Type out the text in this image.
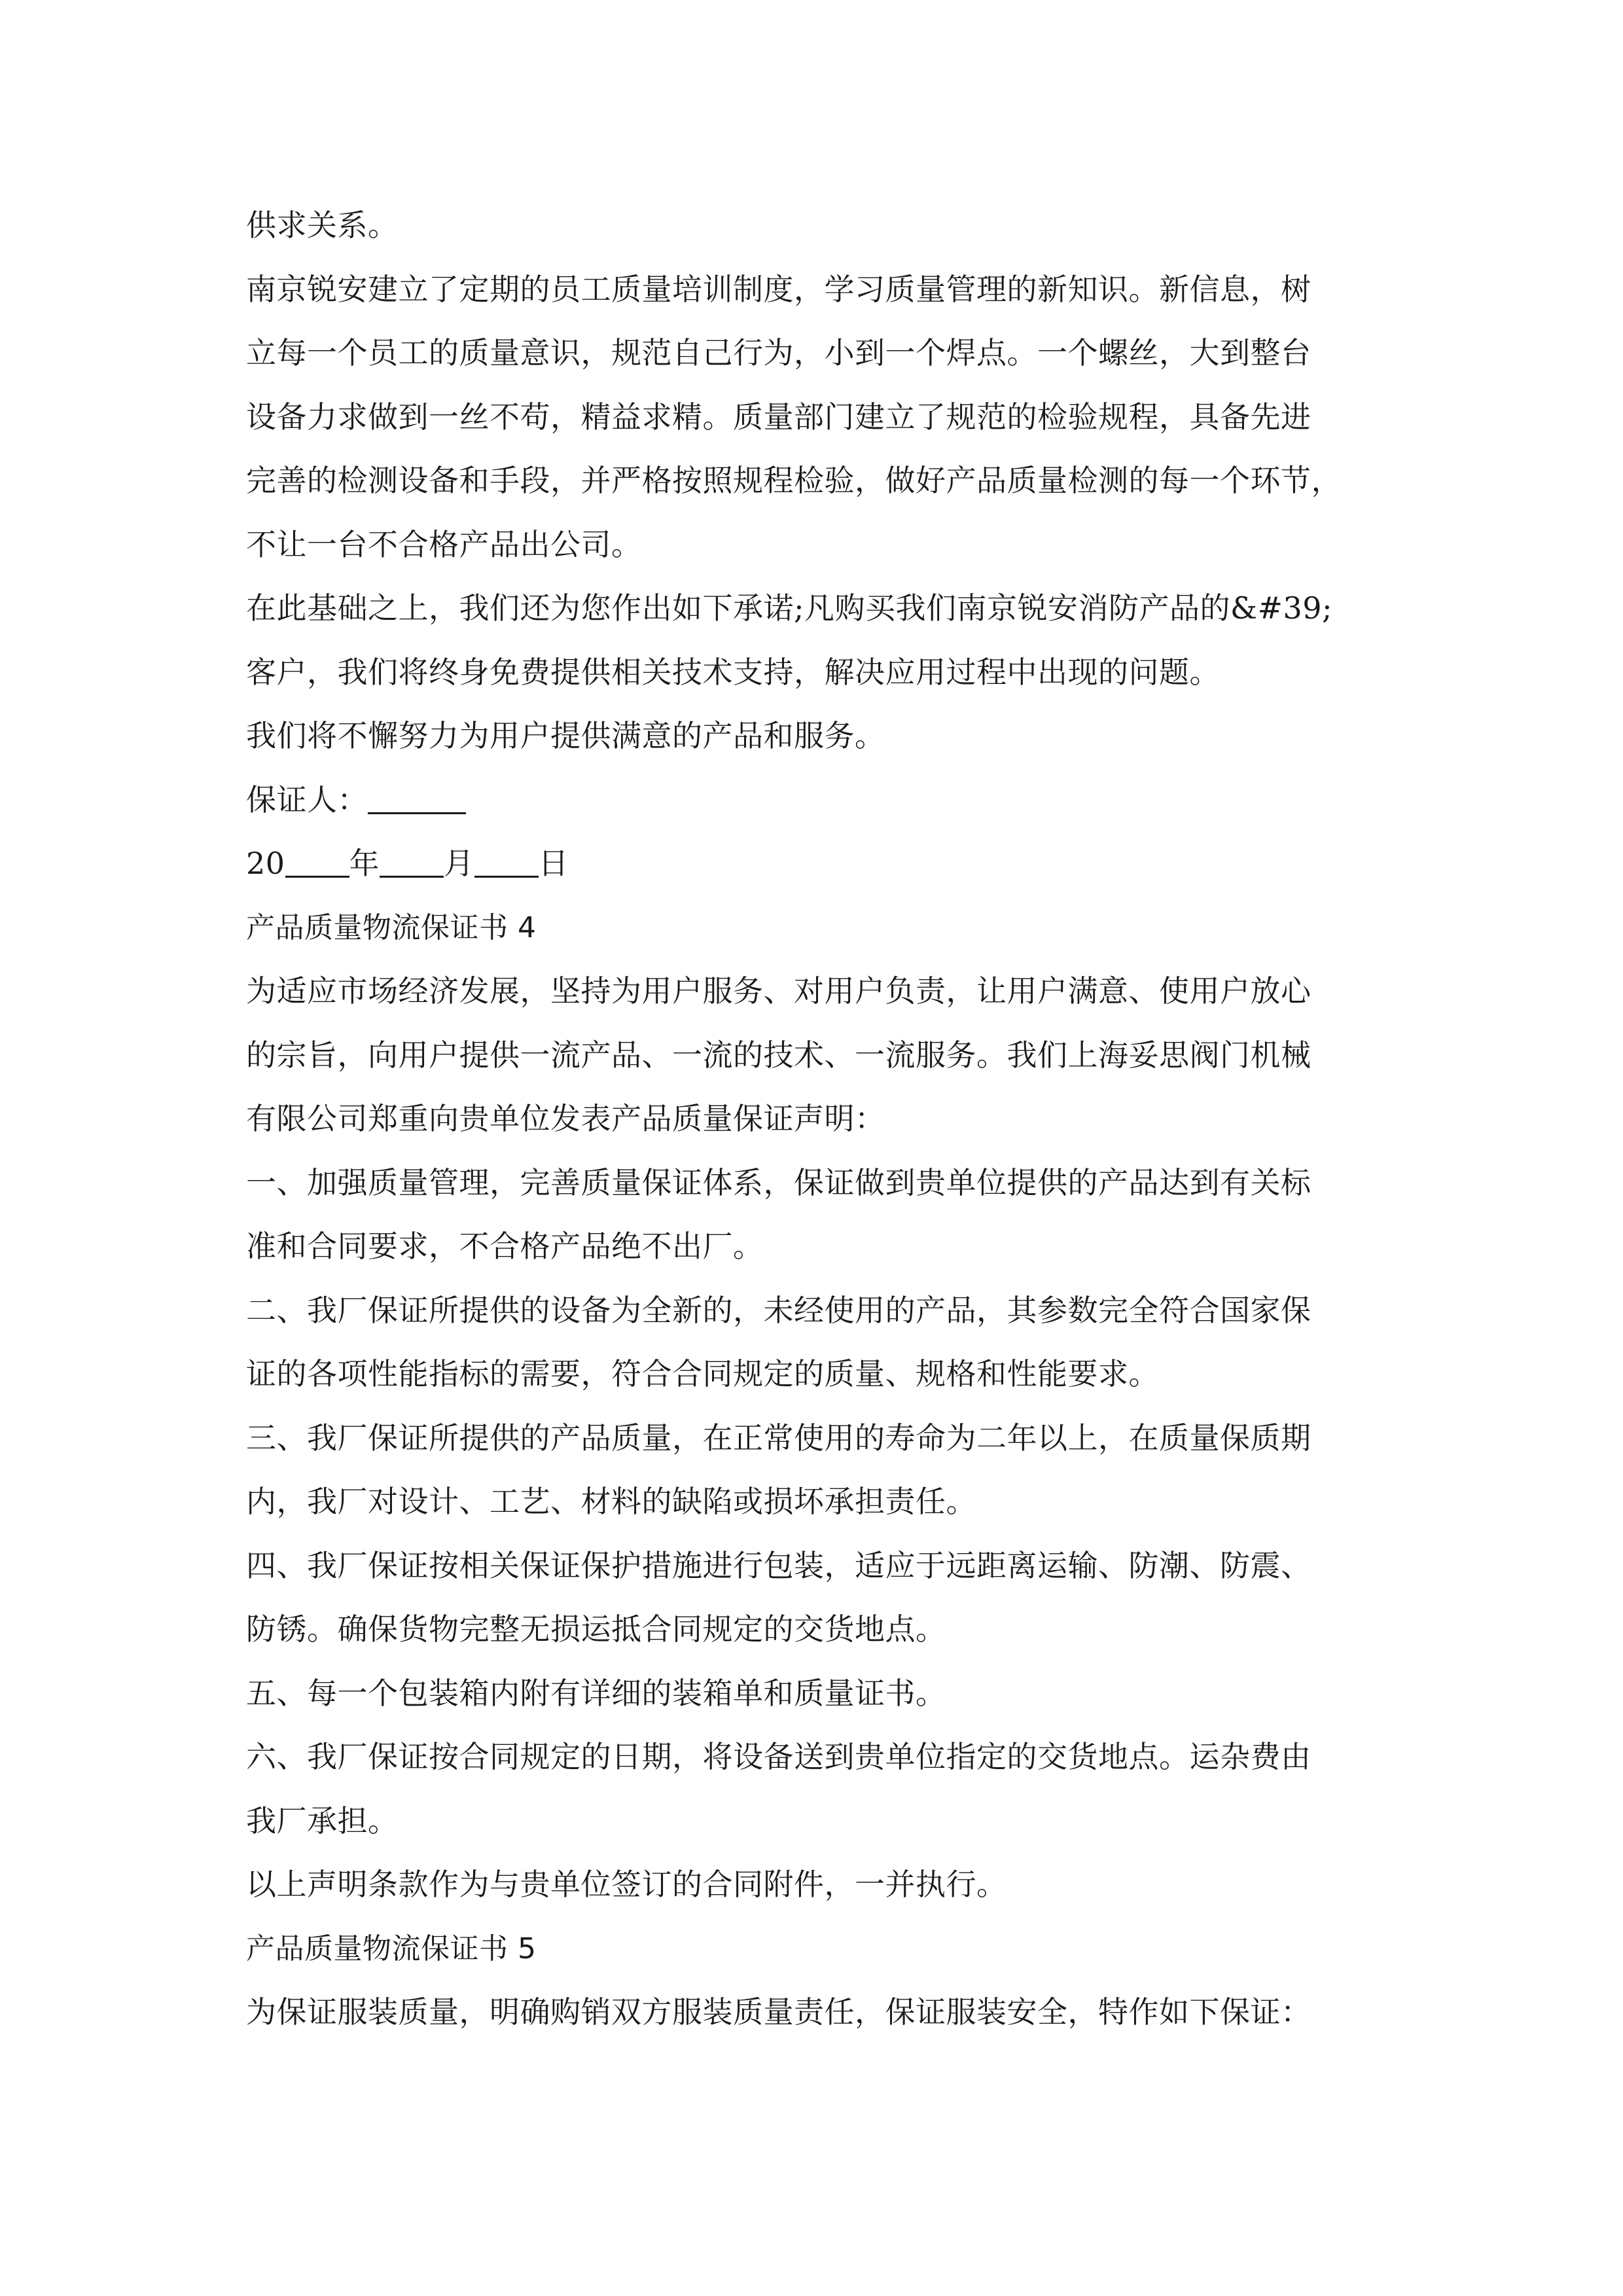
供求关系。
南京锐安建立了定期的员工质量培训制度，学习质量管理的新知识。新信息，树
立每一个员工的质量意识，规范自己行为，小到一个焊点。一个螺丝，大到整台
设备力求做到一丝不苟，精益求精。质量部门建立了规范的检验规程，具备先进
完善的检测设备和手段，并严格按照规程检验，做好产品质量检测的每一个环节，
不让一台不合格产品出公司。
在此基础之上，我们还为您作出如下承诺;凡购买我们南京锐安消防产品的&#39;
客户，我们将终身免费提供相关技术支持，解决应用过程中出现的问题。
我们将不懈努力为用户提供满意的产品和服务。
保证人：
20 年 月 日
产品质量物流保证书 4
为适应市场经济发展，坚持为用户服务、对用户负责，让用户满意、使用户放心
的宗旨，向用户提供一流产品、一流的技术、一流服务。我们上海妥思阀门机械
有限公司郑重向贵单位发表产品质量保证声明：
一、加强质量管理，完善质量保证体系，保证做到贵单位提供的产品达到有关标
准和合同要求，不合格产品绝不出厂。
二、我厂保证所提供的设备为全新的，未经使用的产品，其参数完全符合国家保
证的各项性能指标的需要，符合合同规定的质量、规格和性能要求。
三、我厂保证所提供的产品质量，在正常使用的寿命为二年以上，在质量保质期
内，我厂对设计、工艺、材料的缺陷或损坏承担责任。
四、我厂保证按相关保证保护措施进行包装，适应于远距离运输、防潮、防震、
防锈。确保货物完整无损运抵合同规定的交货地点。
五、每一个包装箱内附有详细的装箱单和质量证书。
六、我厂保证按合同规定的日期，将设备送到贵单位指定的交货地点。运杂费由
我厂承担。
以上声明条款作为与贵单位签订的合同附件，一并执行。
产品质量物流保证书 5
为保证服装质量，明确购销双方服装质量责任，保证服装安全，特作如下保证：
